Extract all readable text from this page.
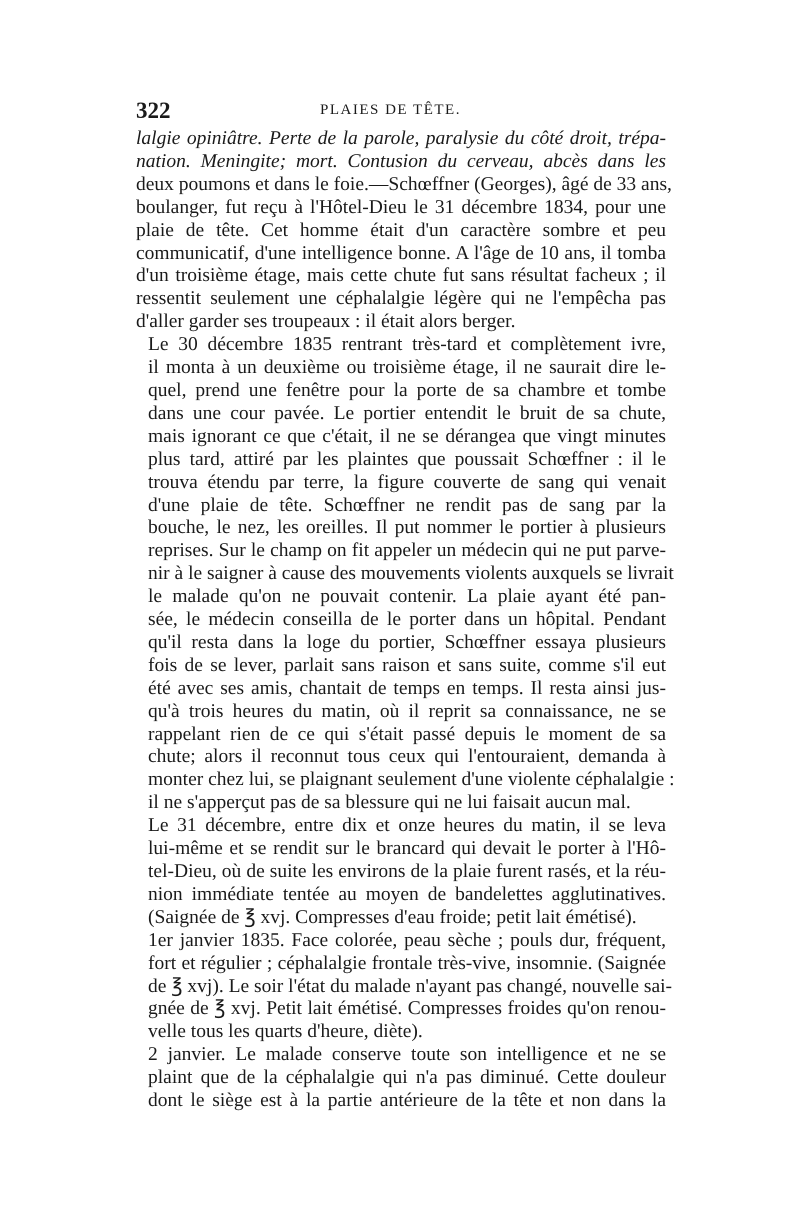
322	PLAIES DE TÊTE.
lalgie opiniâtre. Perte de la parole, paralysie du côté droit, trépa-
nation. Meningite; mort. Contusion du cerveau, abcès dans les
deux poumons et dans le foie.—Schœffner (Georges), âgé de 33 ans,
boulanger, fut reçu à l'Hôtel-Dieu le 31 décembre 1834, pour une
plaie de tête. Cet homme était d'un caractère sombre et peu
communicatif, d'une intelligence bonne. A l'âge de 10 ans, il tomba
d'un troisième étage, mais cette chute fut sans résultat facheux ; il
ressentit seulement une céphalalgie légère qui ne l'empêcha pas
d'aller garder ses troupeaux : il était alors berger.
Le 30 décembre 1835 rentrant très-tard et complètement ivre,
il monta à un deuxième ou troisième étage, il ne saurait dire le-
quel, prend une fenêtre pour la porte de sa chambre et tombe
dans une cour pavée. Le portier entendit le bruit de sa chute,
mais ignorant ce que c'était, il ne se dérangea que vingt minutes
plus tard, attiré par les plaintes que poussait Schœffner : il le
trouva étendu par terre, la figure couverte de sang qui venait
d'une plaie de tête. Schœffner ne rendit pas de sang par la
bouche, le nez, les oreilles. Il put nommer le portier à plusieurs
reprises. Sur le champ on fit appeler un médecin qui ne put parve-
nir à le saigner à cause des mouvements violents auxquels se livrait
le malade qu'on ne pouvait contenir. La plaie ayant été pan-
sée, le médecin conseilla de le porter dans un hôpital. Pendant
qu'il resta dans la loge du portier, Schœffner essaya plusieurs
fois de se lever, parlait sans raison et sans suite, comme s'il eut
été avec ses amis, chantait de temps en temps. Il resta ainsi jus-
qu'à trois heures du matin, où il reprit sa connaissance, ne se
rappelant rien de ce qui s'était passé depuis le moment de sa
chute; alors il reconnut tous ceux qui l'entouraient, demanda à
monter chez lui, se plaignant seulement d'une violente céphalalgie :
il ne s'apperçut pas de sa blessure qui ne lui faisait aucun mal.
Le 31 décembre, entre dix et onze heures du matin, il se leva
lui-même et se rendit sur le brancard qui devait le porter à l'Hô-
tel-Dieu, où de suite les environs de la plaie furent rasés, et la réu-
nion immédiate tentée au moyen de bandelettes agglutinatives.
(Saignée de ℥ xvj. Compresses d'eau froide; petit lait émétisé).
1er janvier 1835. Face colorée, peau sèche ; pouls dur, fréquent,
fort et régulier ; céphalalgie frontale très-vive, insomnie. (Saignée
de ℥ xvj). Le soir l'état du malade n'ayant pas changé, nouvelle sai-
gnée de ℥ xvj. Petit lait émétisé. Compresses froides qu'on renou-
velle tous les quarts d'heure, diète).
2 janvier. Le malade conserve toute son intelligence et ne se
plaint que de la céphalalgie qui n'a pas diminué. Cette douleur
dont le siège est à la partie antérieure de la tête et non dans la
